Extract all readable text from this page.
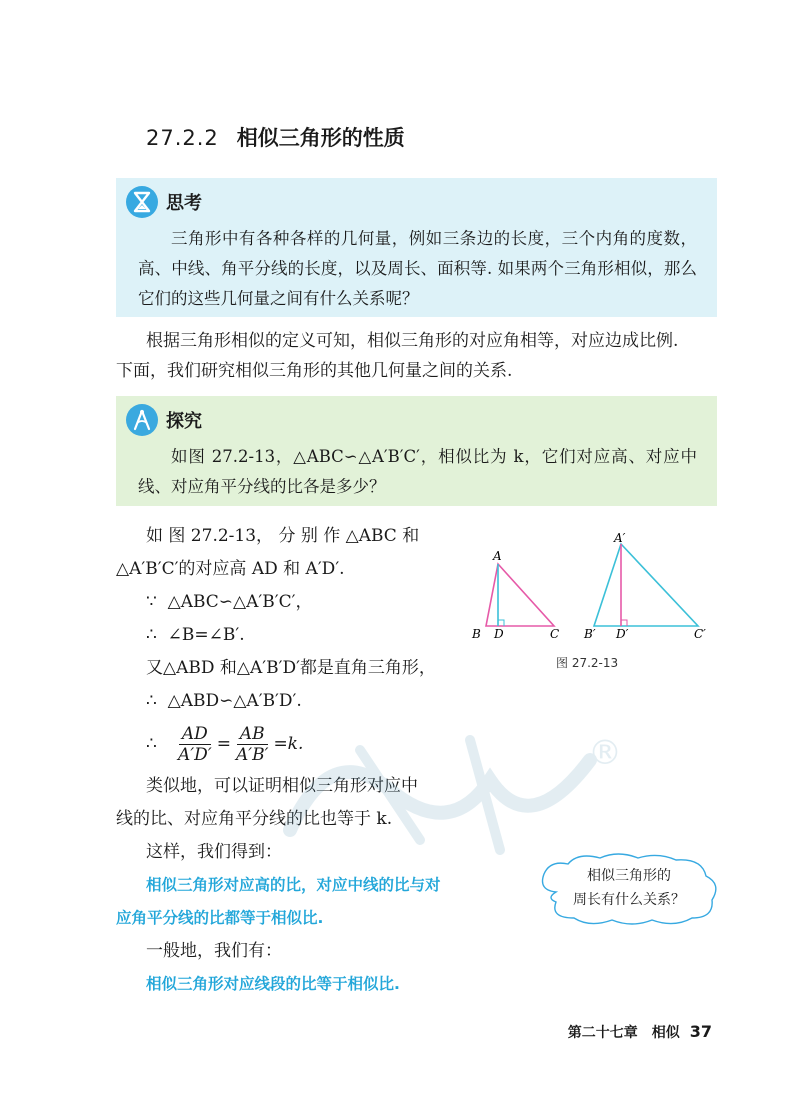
27.2.2 相似三角形的性质
思考
三角形中有各种各样的几何量，例如三条边的长度，三个内角的度数，高、中线、角平分线的长度，以及周长、面积等. 如果两个三角形相似，那么它们的这些几何量之间有什么关系呢？
根据三角形相似的定义可知，相似三角形的对应角相等，对应边成比例.
下面，我们研究相似三角形的其他几何量之间的关系.
探究
如图 27.2-13，△ABC∽△A′B′C′，相似比为 k，它们对应高、对应中线、对应角平分线的比各是多少？
如 图 27.2-13， 分 别 作 △ABC 和
△A′B′C′的对应高 AD 和 A′D′.
∵ △ABC∽△A′B′C′，
∴ ∠B=∠B′.
又△ABD 和△A′B′D′都是直角三角形，
∴ △ABD∽△A′B′D′.
∴
$\frac{AD}{A'D'} = \frac{AB}{A'B'} =k$.
类似地，可以证明相似三角形对应中
线的比、对应角平分线的比也等于 k.
这样，我们得到：
相似三角形对应高的比，对应中线的比与对
应角平分线的比都等于相似比.
一般地，我们有：
相似三角形对应线段的比等于相似比.
A
B D	C
A′
B′ D′	C′
图 27.2-13
®
相似三角形的
周长有什么关系？
第二十七章　相似 37
